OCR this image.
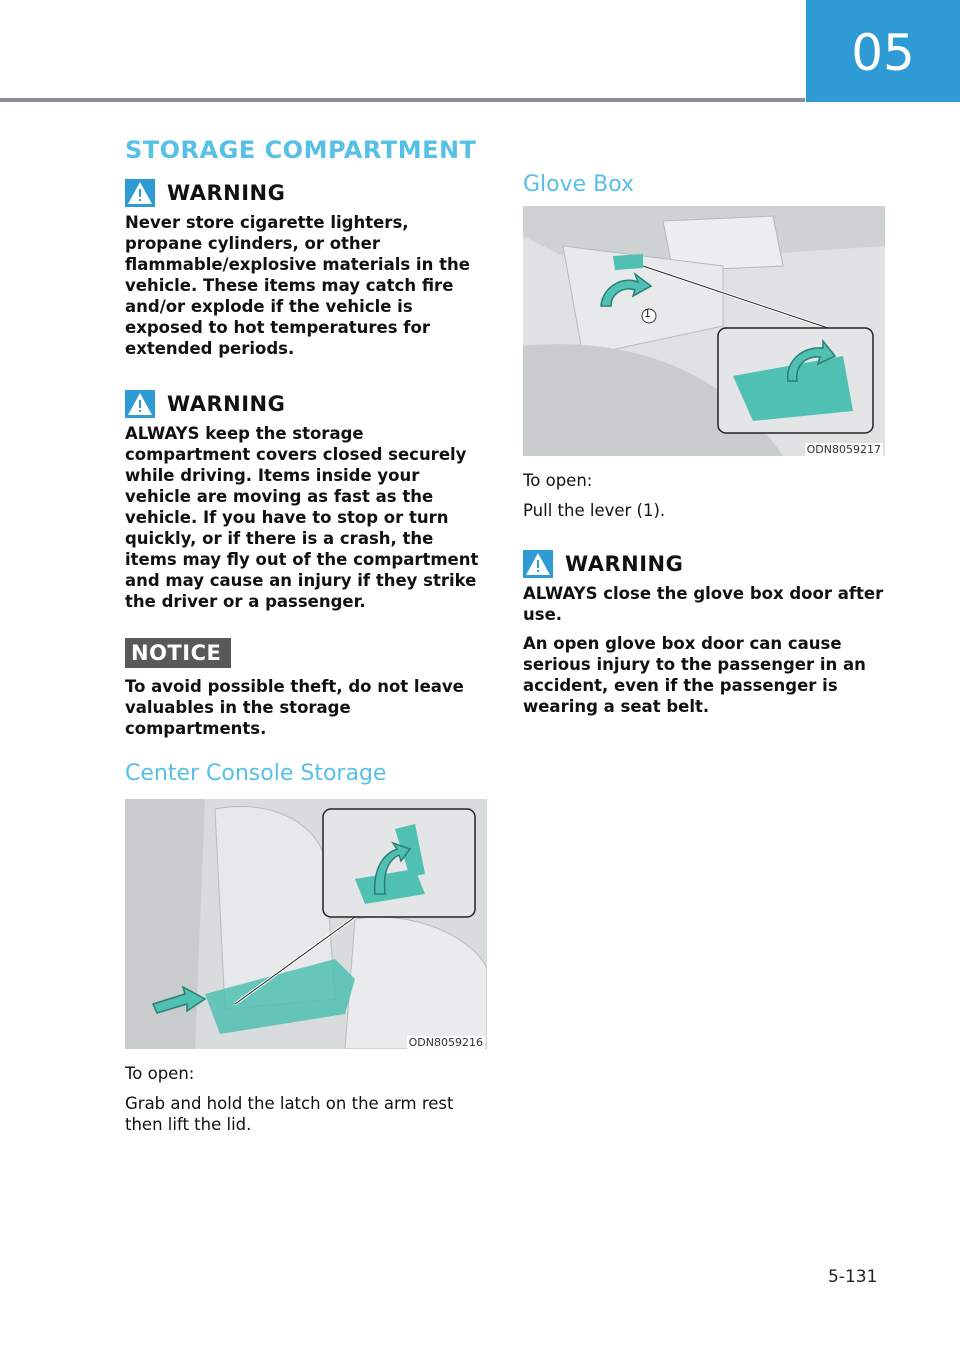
05
STORAGE COMPARTMENT
WARNING

Never store cigarette lighters, propane cylinders, or other flammable/explosive materials in the vehicle. These items may catch fire and/or explode if the vehicle is exposed to hot temperatures for extended periods.

WARNING

ALWAYS keep the storage compartment covers closed securely while driving. Items inside your vehicle are moving as fast as the vehicle. If you have to stop or turn quickly, or if there is a crash, the items may fly out of the compartment and may cause an injury if they strike the driver or a passenger.

NOTICE

To avoid possible theft, do not leave valuables in the storage compartments.

Center Console Storage

ODN8059216

To open:

Grab and hold the latch on the arm rest then lift the lid.

Glove Box

1
ODN8059217

To open:

Pull the lever (1).

WARNING

ALWAYS close the glove box door after use.

An open glove box door can cause serious injury to the passenger in an accident, even if the passenger is wearing a seat belt.

5-131
